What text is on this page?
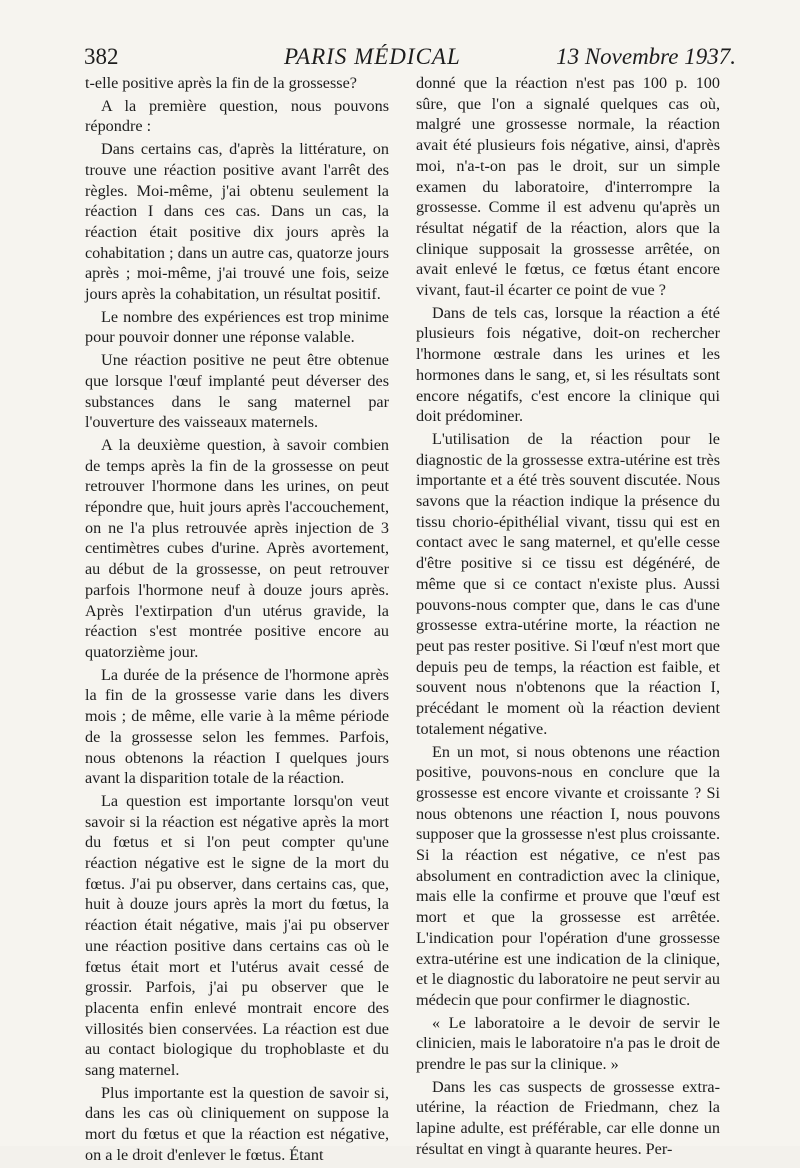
382	PARIS MÉDICAL	13 Novembre 1937.

t-elle positive après la fin de la grossesse?

A la première question, nous pouvons répondre :

Dans certains cas, d'après la littérature, on trouve une réaction positive avant l'arrêt des règles. Moi-même, j'ai obtenu seulement la réaction I dans ces cas. Dans un cas, la réaction était positive dix jours après la cohabitation ; dans un autre cas, quatorze jours après ; moi-même, j'ai trouvé une fois, seize jours après la cohabitation, un résultat positif.

Le nombre des expériences est trop minime pour pouvoir donner une réponse valable.

Une réaction positive ne peut être obtenue que lorsque l'œuf implanté peut déverser des substances dans le sang maternel par l'ouverture des vaisseaux maternels.

A la deuxième question, à savoir combien de temps après la fin de la grossesse on peut retrouver l'hormone dans les urines, on peut répondre que, huit jours après l'accouchement, on ne l'a plus retrouvée après injection de 3 centimètres cubes d'urine. Après avortement, au début de la grossesse, on peut retrouver parfois l'hormone neuf à douze jours après. Après l'extirpation d'un utérus gravide, la réaction s'est montrée positive encore au quatorzième jour.

La durée de la présence de l'hormone après la fin de la grossesse varie dans les divers mois ; de même, elle varie à la même période de la grossesse selon les femmes. Parfois, nous obtenons la réaction I quelques jours avant la disparition totale de la réaction.

La question est importante lorsqu'on veut savoir si la réaction est négative après la mort du fœtus et si l'on peut compter qu'une réaction négative est le signe de la mort du fœtus. J'ai pu observer, dans certains cas, que, huit à douze jours après la mort du fœtus, la réaction était négative, mais j'ai pu observer une réaction positive dans certains cas où le fœtus était mort et l'utérus avait cessé de grossir. Parfois, j'ai pu observer que le placenta enfin enlevé montrait encore des villosités bien conservées. La réaction est due au contact biologique du trophoblaste et du sang maternel.

Plus importante est la question de savoir si, dans les cas où cliniquement on suppose la mort du fœtus et que la réaction est négative, on a le droit d'enlever le fœtus. Étant

donné que la réaction n'est pas 100 p. 100 sûre, que l'on a signalé quelques cas où, malgré une grossesse normale, la réaction avait été plusieurs fois négative, ainsi, d'après moi, n'a-t-on pas le droit, sur un simple examen du laboratoire, d'interrompre la grossesse. Comme il est advenu qu'après un résultat négatif de la réaction, alors que la clinique supposait la grossesse arrêtée, on avait enlevé le fœtus, ce fœtus étant encore vivant, faut-il écarter ce point de vue ?

Dans de tels cas, lorsque la réaction a été plusieurs fois négative, doit-on rechercher l'hormone œstrale dans les urines et les hormones dans le sang, et, si les résultats sont encore négatifs, c'est encore la clinique qui doit prédominer.

L'utilisation de la réaction pour le diagnostic de la grossesse extra-utérine est très importante et a été très souvent discutée. Nous savons que la réaction indique la présence du tissu chorio-épithélial vivant, tissu qui est en contact avec le sang maternel, et qu'elle cesse d'être positive si ce tissu est dégénéré, de même que si ce contact n'existe plus. Aussi pouvons-nous compter que, dans le cas d'une grossesse extra-utérine morte, la réaction ne peut pas rester positive. Si l'œuf n'est mort que depuis peu de temps, la réaction est faible, et souvent nous n'obtenons que la réaction I, précédant le moment où la réaction devient totalement négative.

En un mot, si nous obtenons une réaction positive, pouvons-nous en conclure que la grossesse est encore vivante et croissante ? Si nous obtenons une réaction I, nous pouvons supposer que la grossesse n'est plus croissante. Si la réaction est négative, ce n'est pas absolument en contradiction avec la clinique, mais elle la confirme et prouve que l'œuf est mort et que la grossesse est arrêtée. L'indication pour l'opération d'une grossesse extra-utérine est une indication de la clinique, et le diagnostic du laboratoire ne peut servir au médecin que pour confirmer le diagnostic.

« Le laboratoire a le devoir de servir le clinicien, mais le laboratoire n'a pas le droit de prendre le pas sur la clinique. »

Dans les cas suspects de grossesse extra-utérine, la réaction de Friedmann, chez la lapine adulte, est préférable, car elle donne un résultat en vingt à quarante heures. Per-
